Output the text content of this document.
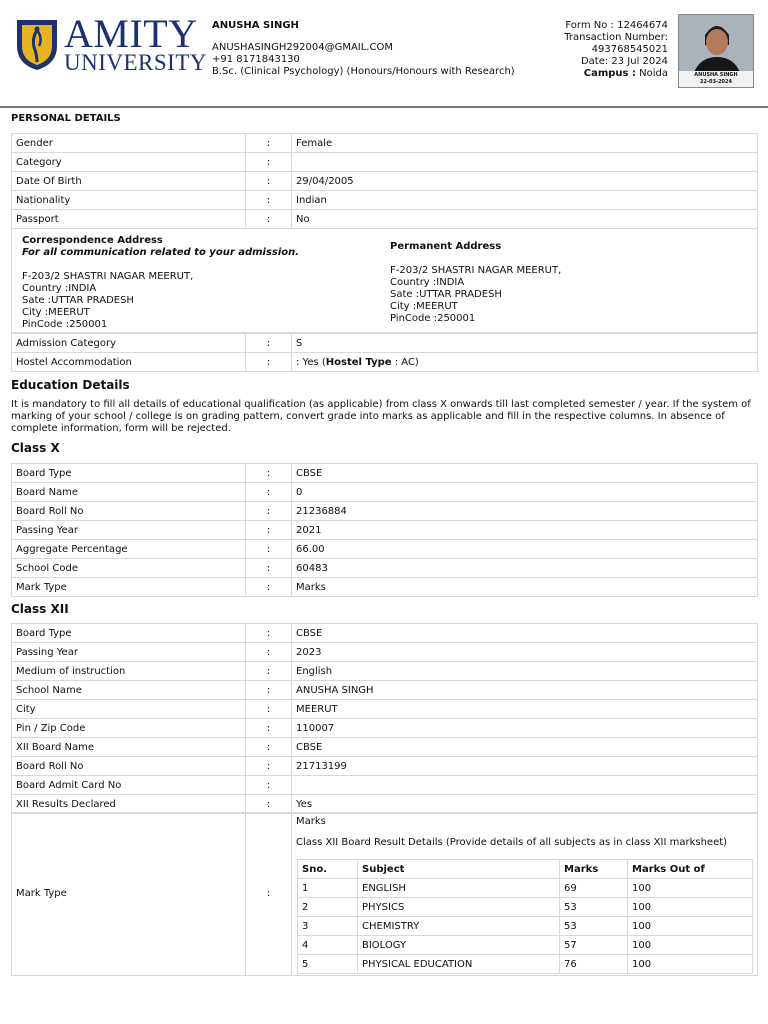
AMITY
UNIVERSITY
ANUSHA SINGH
ANUSHASINGH292004@GMAIL.COM
+91 8171843130
B.Sc. (Clinical Psychology) (Honours/Honours with Research)
Form No : 12464674
Transaction Number:
493768545021
Date: 23 Jul 2024
Campus : Noida	ANUSHA SINGH
22-03-2024
PERSONAL DETAILS
Gender	:	Female
Category	:	
Date Of Birth	:	29/04/2005
Nationality	:	Indian
Passport	:	No
Correspondence Address
For all communication related to your admission.
F-203/2 SHASTRI NAGAR MEERUT,
Country :INDIA
Sate :UTTAR PRADESH
City :MEERUT
PinCode :250001
Permanent Address
F-203/2 SHASTRI NAGAR MEERUT,
Country :INDIA
Sate :UTTAR PRADESH
City :MEERUT
PinCode :250001
Admission Category	:	S
Hostel Accommodation	:	: Yes (Hostel Type : AC)
Education Details
It is mandatory to fill all details of educational qualification (as applicable) from class X onwards till last completed semester / year. If the system of marking of your school / college is on grading pattern, convert grade into marks as applicable and fill in the respective columns. In absence of complete information, form will be rejected.
Class X
Board Type	:	CBSE
Board Name	:	0
Board Roll No	:	21236884
Passing Year	:	2021
Aggregate Percentage	:	66.00
School Code	:	60483
Mark Type	:	Marks
Class XII
Board Type	:	CBSE
Passing Year	:	2023
Medium of instruction	:	English
School Name	:	ANUSHA SINGH
City	:	MEERUT
Pin / Zip Code	:	110007
XII Board Name	:	CBSE
Board Roll No	:	21713199
Board Admit Card No	:	
XII Results Declared	:	Yes
Mark Type	:
Marks
Class XII Board Result Details (Provide details of all subjects as in class XII marksheet)
Sno.	Subject	Marks	Marks Out of
1	ENGLISH	69	100
2	PHYSICS	53	100
3	CHEMISTRY	53	100
4	BIOLOGY	57	100
5	PHYSICAL EDUCATION	76	100
